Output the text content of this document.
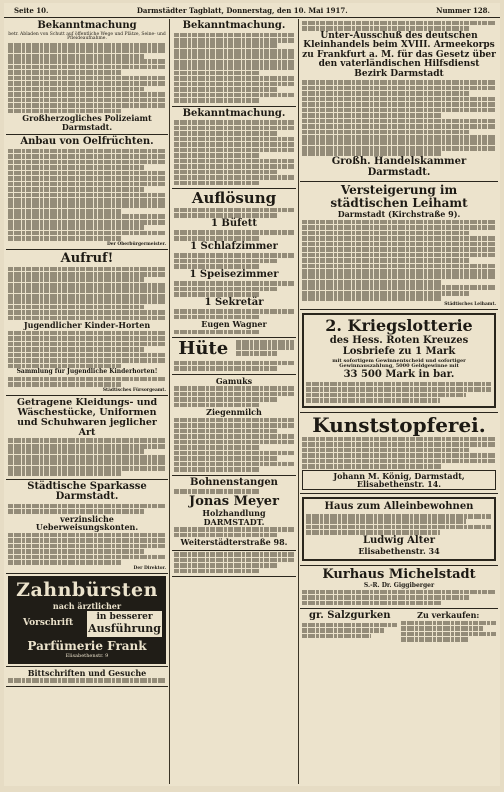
Seite 10.	Darmstädter Tagblatt, Donnerstag, den 10. Mai 1917.	Nummer 128.
Bekanntmachung
betr. Abladen von Schutt auf öffentliche Wege und Plätze, Seine- und Pfleideaufnahme.
Großherzogliches Polizeiamt Darmstadt.
Anbau von Oelfrüchten.
Der Oberbürgermeister.
Aufruf!
Jugendlicher Kinder-Horten
Sammlung für Jugendliche Kinderhorten!
Städtisches Fürsorgeamt.
Getragene Kleidungs- und Wäschestücke, Uniformen und Schuhwaren jeglicher Art
Städtische Sparkasse Darmstadt.
verzinsliche Ueberweisungskonten.
Der Direktor.
Zahnbürsten
nach ärztlicher
Vorschrift
in besserer
Ausführung
Parfümerie Frank
Elisabethenstr. 9
Bittschriften und Gesuche
Bekanntmachung.
Bekanntmachung.
Auflösung
1 Büfett
1 Schlafzimmer
1 Speisezimmer
1 Sekretär
Eugen Wagner
Hüte
Gamuks
Ziegenmilch
Bohnenstangen
Jonas Meyer
Holzhandlung DARMSTADT.
Weiterstädterstraße 98.
Unter-Ausschuß des deutschen Kleinhandels beim XVIII. Armeekorps zu Frankfurt a. M. für das Gesetz über den vaterländischen Hilfsdienst Bezirk Darmstadt
Großh. Handelskammer Darmstadt.
Versteigerung im städtischen Leihamt
Darmstadt (Kirchstraße 9).
Städtisches Leihamt.
2. Kriegslotterie
des Hess. Roten Kreuzes
Losbriefe zu 1 Mark
mit sofortigem Gewinnentscheid und sofortiger Gewinnauszahlung, 5000 Geldgewinne mit
33 500 Mark in bar.
Kunststopferei.
Johann M. König, Darmstadt, Elisabethenstr. 14.
Haus zum Alleinbewohnen
Ludwig Alter
Elisabethenstr. 34
Kurhaus Michelstadt
S.-R. Dr. Giggiberger
gr. Salzgurken	Zu verkaufen:
